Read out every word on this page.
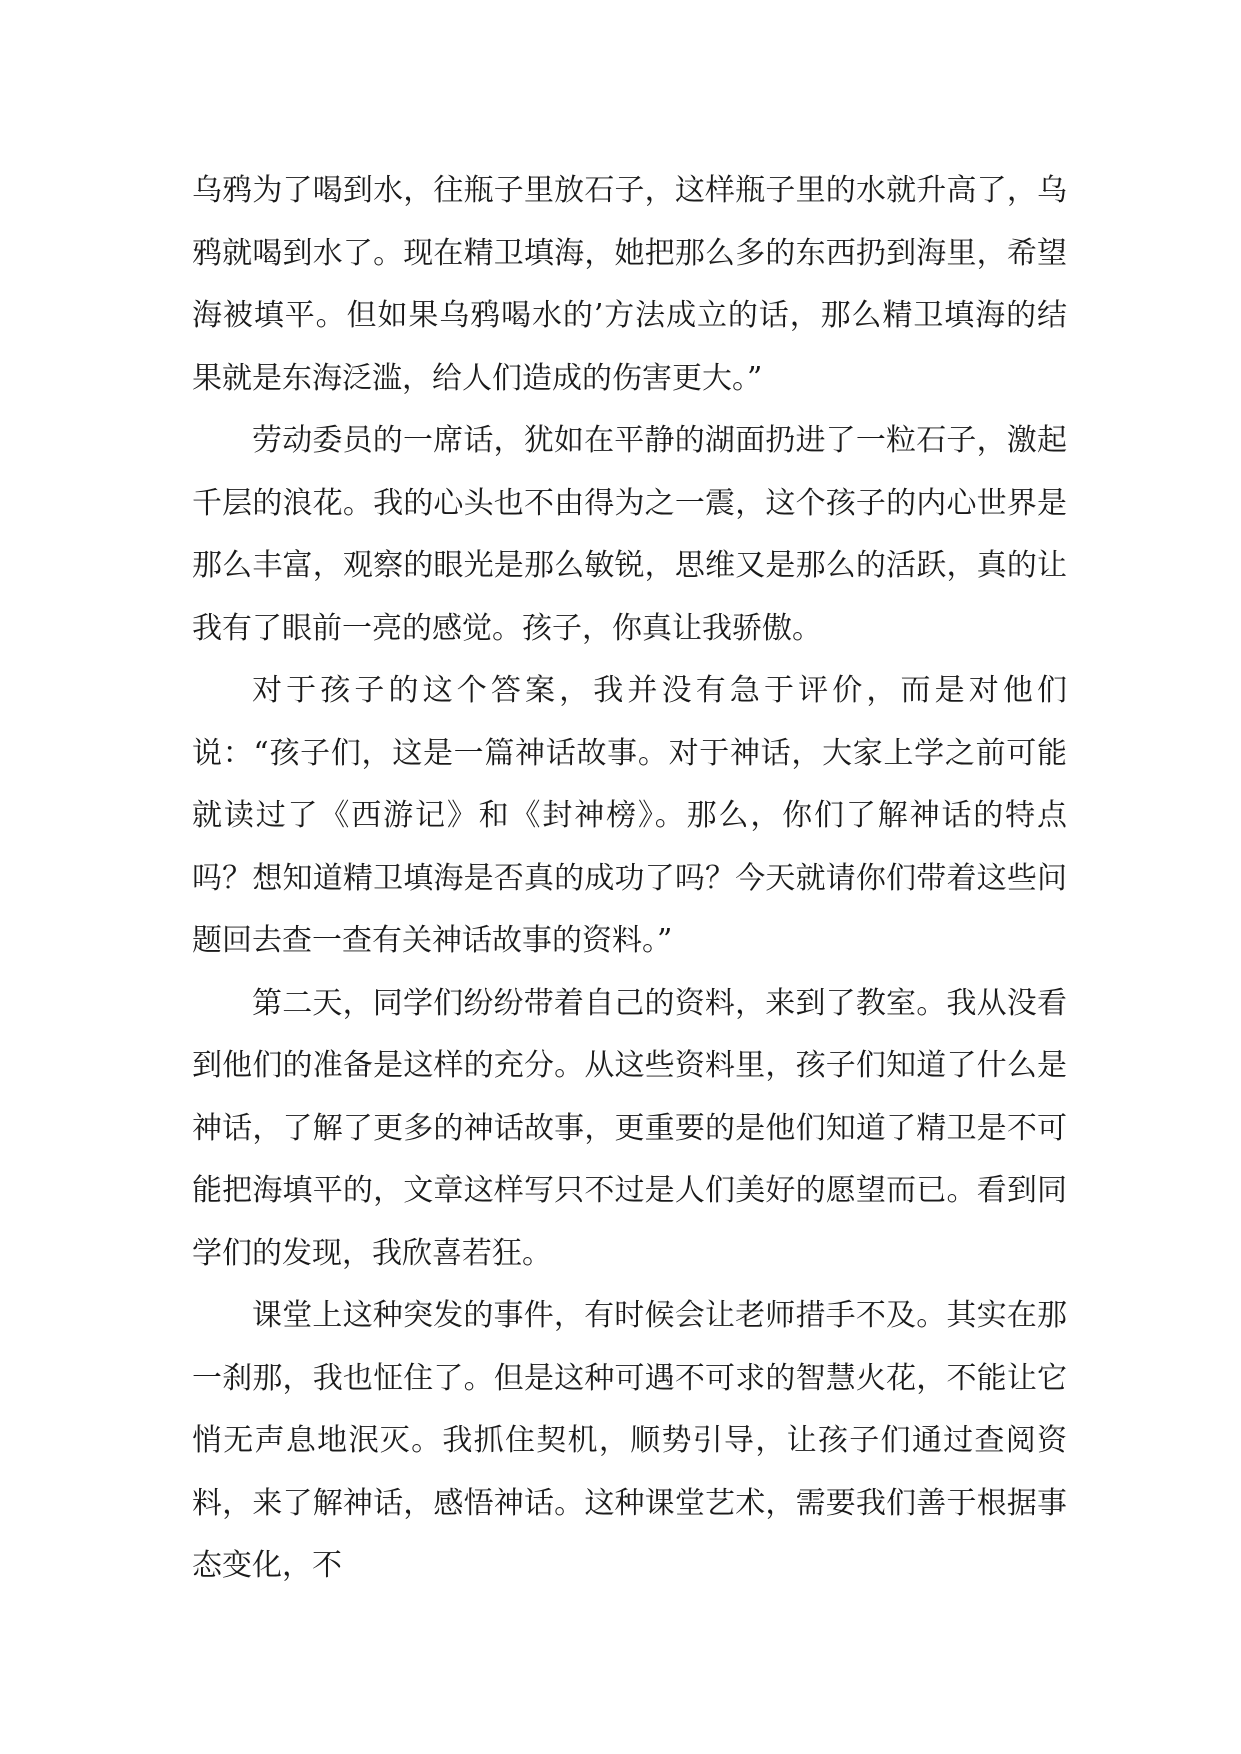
乌鸦为了喝到水，往瓶子里放石子，这样瓶子里的水就升高了，乌鸦就喝到水了。现在精卫填海，她把那么多的东西扔到海里，希望海被填平。但如果乌鸦喝水的’方法成立的话，那么精卫填海的结果就是东海泛滥，给人们造成的伤害更大。”

劳动委员的一席话，犹如在平静的湖面扔进了一粒石子，激起千层的浪花。我的心头也不由得为之一震，这个孩子的内心世界是那么丰富，观察的眼光是那么敏锐，思维又是那么的活跃，真的让我有了眼前一亮的感觉。孩子，你真让我骄傲。

对于孩子的这个答案，我并没有急于评价，而是对他们说：“孩子们，这是一篇神话故事。对于神话，大家上学之前可能就读过了《西游记》和《封神榜》。那么，你们了解神话的特点吗？想知道精卫填海是否真的成功了吗？今天就请你们带着这些问题回去查一查有关神话故事的资料。”

第二天，同学们纷纷带着自己的资料，来到了教室。我从没看到他们的准备是这样的充分。从这些资料里，孩子们知道了什么是神话，了解了更多的神话故事，更重要的是他们知道了精卫是不可能把海填平的，文章这样写只不过是人们美好的愿望而已。看到同学们的发现，我欣喜若狂。

课堂上这种突发的事件，有时候会让老师措手不及。其实在那一刹那，我也怔住了。但是这种可遇不可求的智慧火花，不能让它悄无声息地泯灭。我抓住契机，顺势引导，让孩子们通过查阅资料，来了解神话，感悟神话。这种课堂艺术，需要我们善于根据事态变化，不
